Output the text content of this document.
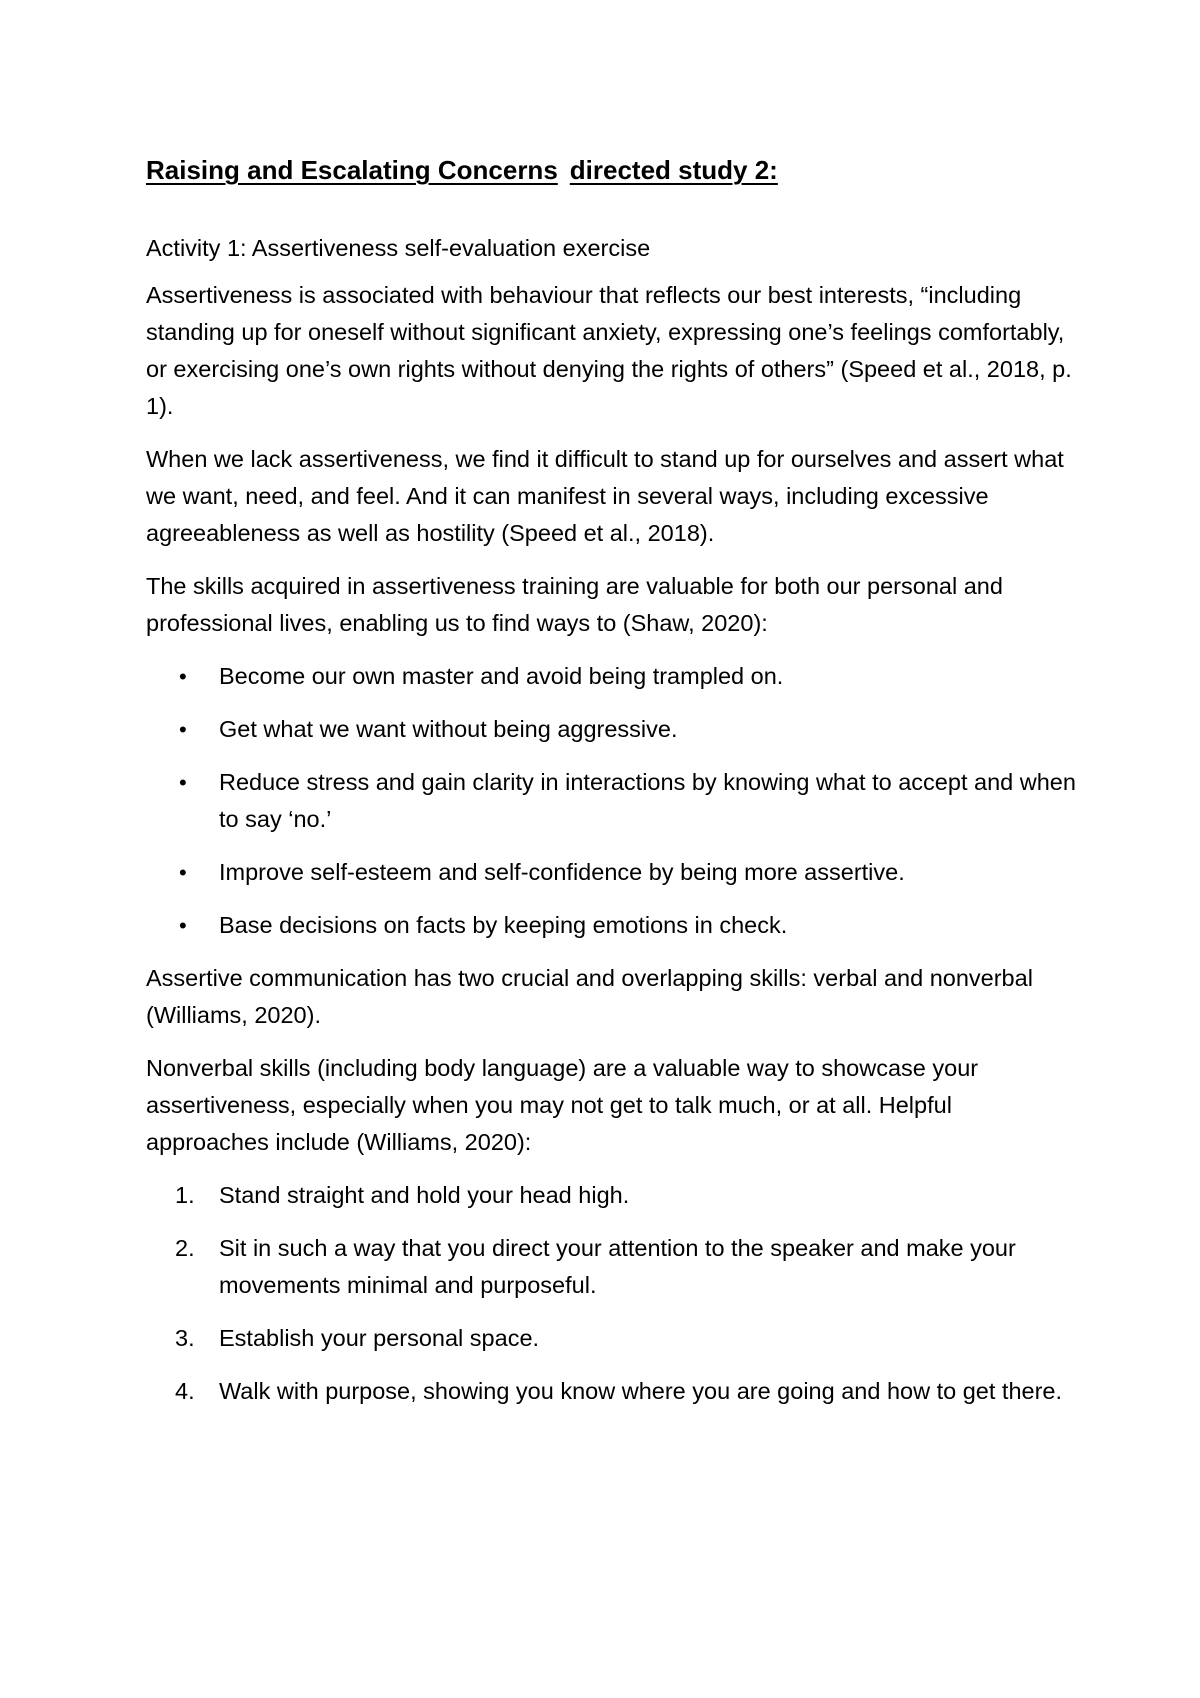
Raising and Escalating Concerns directed study 2:

Activity 1: Assertiveness self-evaluation exercise

Assertiveness is associated with behaviour that reflects our best interests, “including standing up for oneself without significant anxiety, expressing one’s feelings comfortably, or exercising one’s own rights without denying the rights of others” (Speed et al., 2018, p. 1).

When we lack assertiveness, we find it difficult to stand up for ourselves and assert what we want, need, and feel. And it can manifest in several ways, including excessive agreeableness as well as hostility (Speed et al., 2018).

The skills acquired in assertiveness training are valuable for both our personal and professional lives, enabling us to find ways to (Shaw, 2020):

• Become our own master and avoid being trampled on.
• Get what we want without being aggressive.
• Reduce stress and gain clarity in interactions by knowing what to accept and when to say ‘no.’
• Improve self-esteem and self-confidence by being more assertive.
• Base decisions on facts by keeping emotions in check.

Assertive communication has two crucial and overlapping skills: verbal and nonverbal (Williams, 2020).

Nonverbal skills (including body language) are a valuable way to showcase your assertiveness, especially when you may not get to talk much, or at all. Helpful approaches include (Williams, 2020):

1. Stand straight and hold your head high.
2. Sit in such a way that you direct your attention to the speaker and make your movements minimal and purposeful.
3. Establish your personal space.
4. Walk with purpose, showing you know where you are going and how to get there.
